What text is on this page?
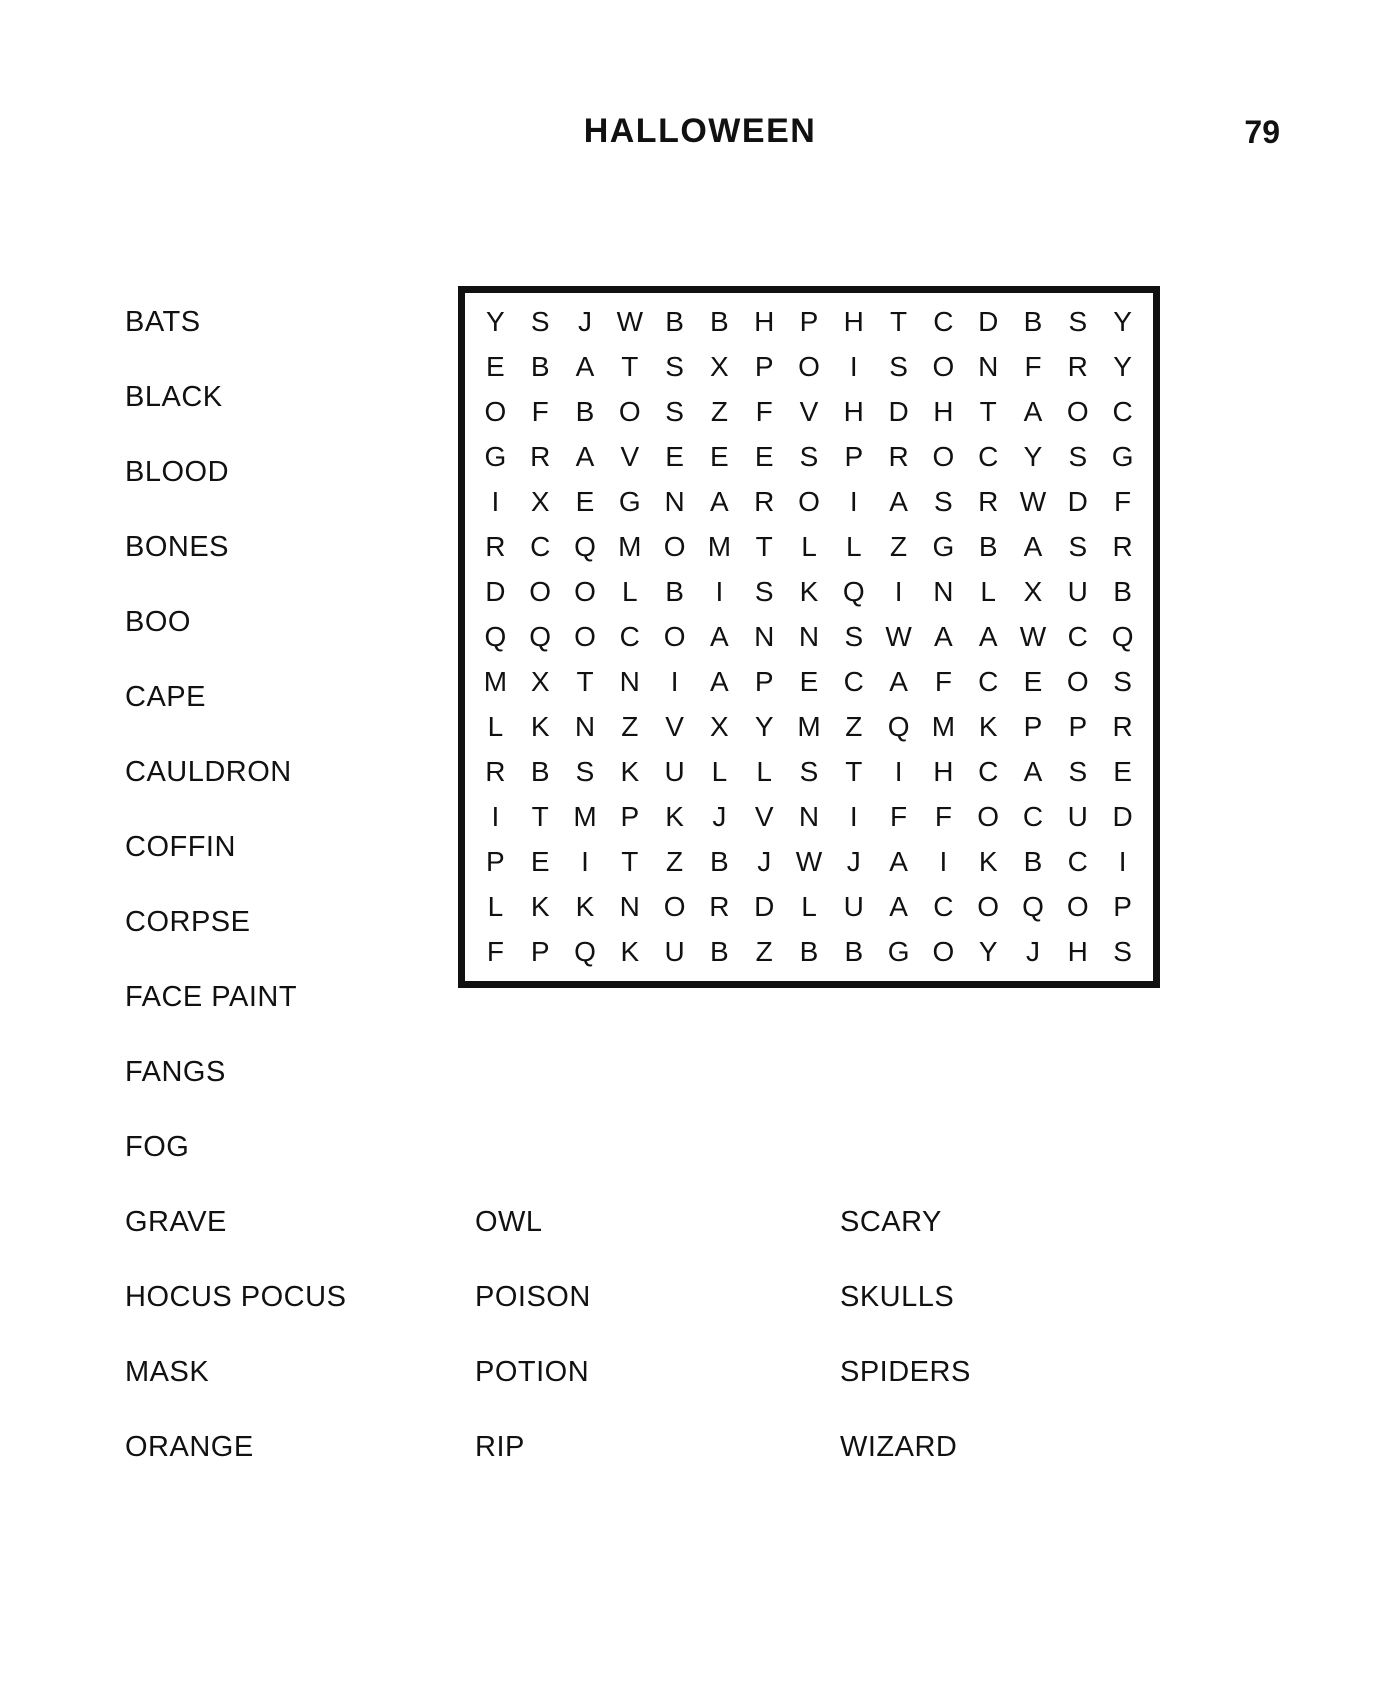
HALLOWEEN	79
BATS
BLACK
BLOOD
BONES
BOO
CAPE
CAULDRON
COFFIN
CORPSE
FACE PAINT
FANGS
FOG
GRAVE
HOCUS POCUS
MASK
ORANGE
OWL
POISON
POTION
RIP
SCARY
SKULLS
SPIDERS
WIZARD
Y S	J W B B H P H T C D B S Y
E B A T S X P O	I	S O N F R Y
O F B O S Z F V H D H T A O C
G R A V E E E S P R O C Y S G
I	X E G N A R O	I	A S R W D F
R C Q M O M T	L	L	Z G B A S R
D O O L B	I	S K Q	I	N L X U B
Q Q O C O A N N S W A A W C Q
M X T N	I	A P E C A F C E O S
L K N Z V X Y M Z Q M K P P R
R B S K U L	L S T	I	H C A S E
I	T M P K	J	V N	I	F F O C U D
P E	I	T Z B	J W J	A	I	K B C	I
L K K N O R D L U A C O Q O P
F P Q K U B Z B B G O Y	J H S
